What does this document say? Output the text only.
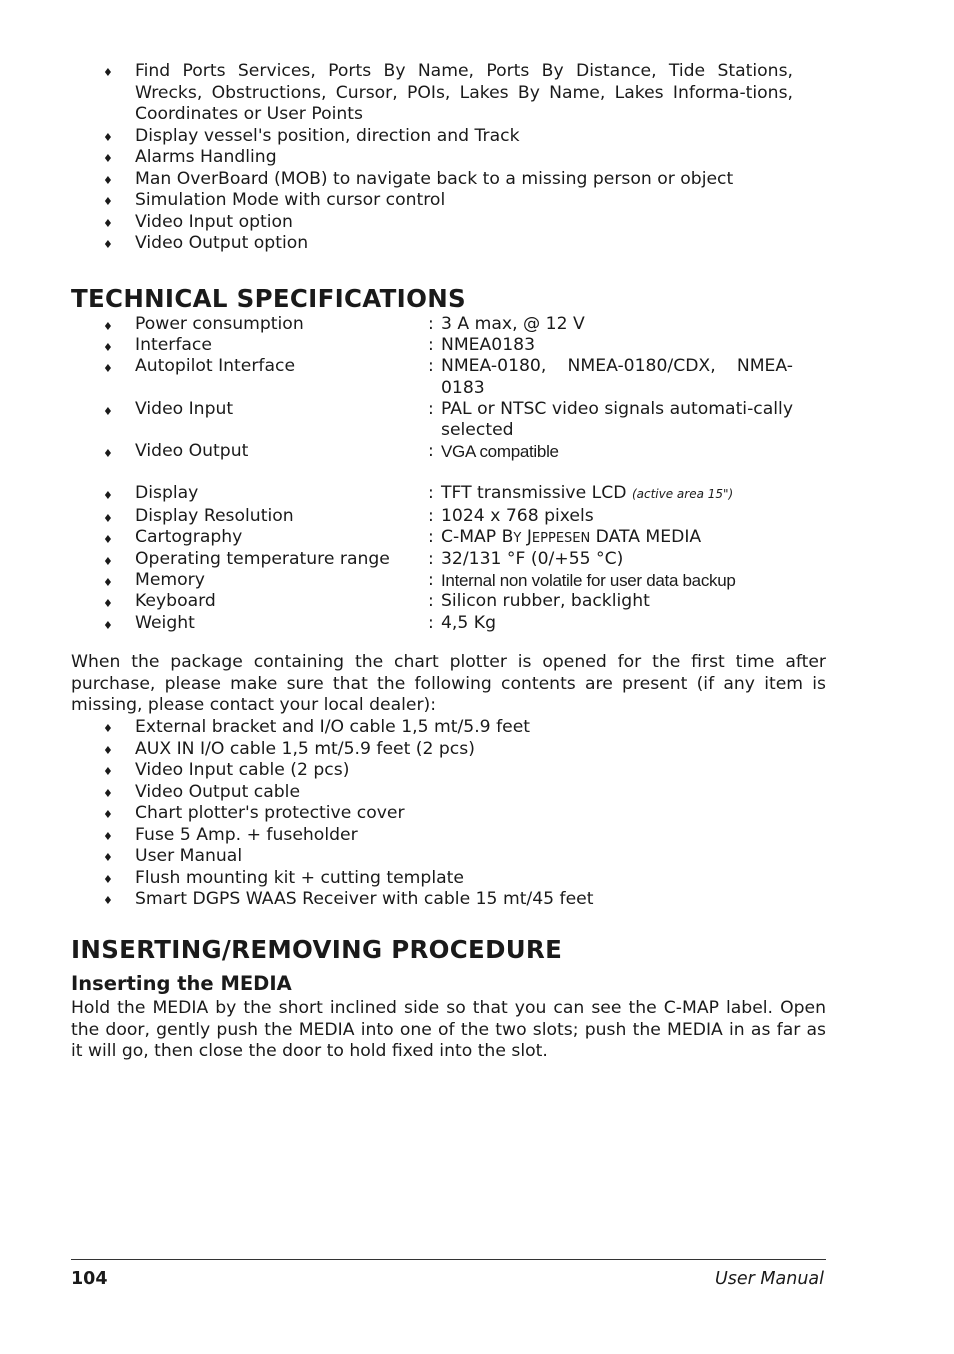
♦ Find Ports Services, Ports By Name, Ports By Distance, Tide Stations, Wrecks, Obstructions, Cursor, POIs, Lakes By Name, Lakes Informa-tions, Coordinates or User Points
♦ Display vessel's position, direction and Track
♦ Alarms Handling
♦ Man OverBoard (MOB) to navigate back to a missing person or object
♦ Simulation Mode with cursor control
♦ Video Input option
♦ Video Output option
TECHNICAL SPECIFICATIONS
♦ Power consumption	: 3 A max, @ 12 V
♦ Interface	: NMEA0183
♦ Autopilot Interface	: NMEA-0180, NMEA-0180/CDX, NMEA-0183
♦ Video Input	: PAL or NTSC video signals automati-cally selected
♦ Video Output	: VGA compatible
♦ Display	: TFT transmissive LCD (active area 15")
♦ Display Resolution	: 1024 x 768 pixels
♦ Cartography	: C-MAP BY JEPPESEN DATA MEDIA
♦ Operating temperature range : 32/131 °F (0/+55 °C)
♦ Memory	: Internal non volatile for user data backup
♦ Keyboard	: Silicon rubber, backlight
♦ Weight	: 4,5 Kg

When the package containing the chart plotter is opened for the first time after purchase, please make sure that the following contents are present (if any item is missing, please contact your local dealer):

♦ External bracket and I/O cable 1,5 mt/5.9 feet
♦ AUX IN I/O cable 1,5 mt/5.9 feet (2 pcs)
♦ Video Input cable (2 pcs)
♦ Video Output cable
♦ Chart plotter's protective cover
♦ Fuse 5 Amp. + fuseholder
♦ User Manual
♦ Flush mounting kit + cutting template
♦ Smart DGPS WAAS Receiver with cable 15 mt/45 feet
INSERTING/REMOVING PROCEDURE
Inserting the MEDIA

Hold the MEDIA by the short inclined side so that you can see the C-MAP label. Open the door, gently push the MEDIA into one of the two slots; push the MEDIA in as far as it will go, then close the door to hold fixed into the slot.

104	User Manual
